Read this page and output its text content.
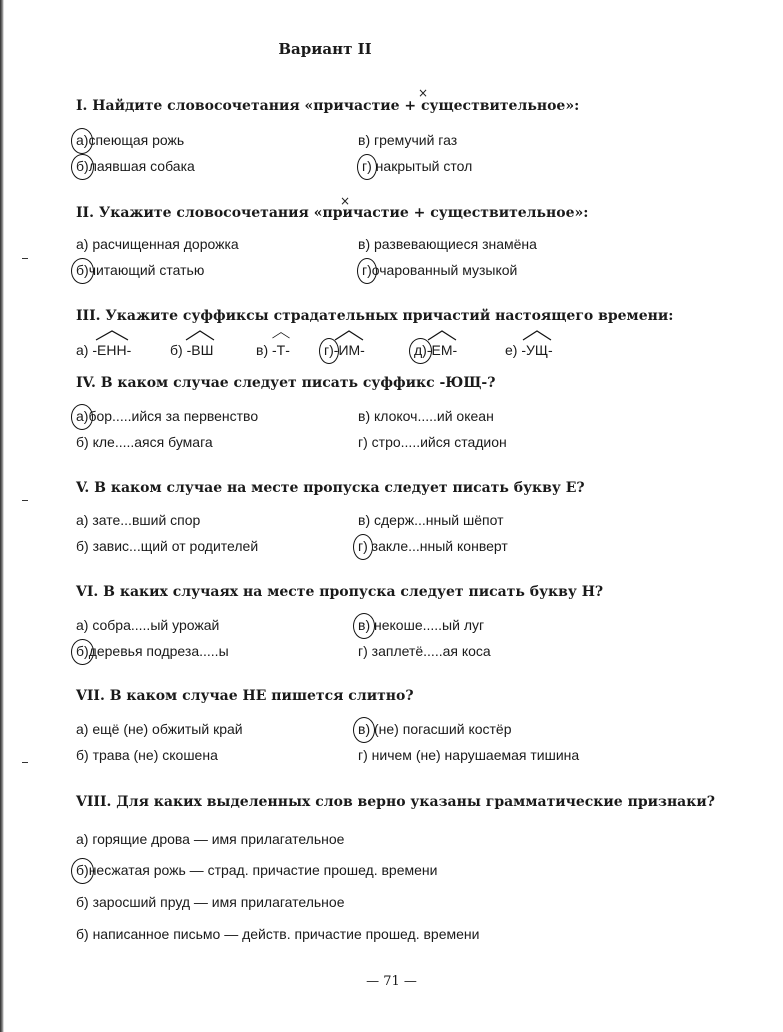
Вариант II
I. Найдите словосочетания «причастие + существительное»:
×
а)спеющая рожь	в) гремучий газ
б)лаявшая собака	г) накрытый стол
II. Укажите словосочетания «причастие + существительное»:
×
а) расчищенная дорожка	в) развевающиеся знамёна
б)читающий статью	г)очарованный музыкой
III. Укажите суффиксы страдательных причастий настоящего времени:
а) -ЕНН-	б) -ВШ	в) -Т- г)
-ИМ-	д)
-ЕМ-	е) -УЩ-
IV. В каком случае следует писать суффикс -ЮЩ-?
а)бор.....ийся за первенство	в) клокоч.....ий океан
б) кле.....аяся бумага	г) стро.....ийся стадион
V. В каком случае на месте пропуска следует писать букву Е?
а) зате...вший спор	в) сдерж...нный шёпот
б) завис...щий от родителей	г) закле...нный конверт
VI. В каких случаях на месте пропуска следует писать букву Н?
а) собра.....ый урожай	в) некоше.....ый луг
б)деревья подреза.....ы	г) заплетё.....ая коса
VII. В каком случае НЕ пишется слитно?
а) ещё (не) обжитый край	в) (не) погасший костёр
б) трава (не) скошена	г) ничем (не) нарушаемая тишина
VIII. Для каких выделенных слов верно указаны грамматические признаки?
а) горящие дрова — имя прилагательное
б)несжатая рожь — страд. причастие прошед. времени
б) заросший пруд — имя прилагательное
б) написанное письмо — действ. причастие прошед. времени
— 71 —
